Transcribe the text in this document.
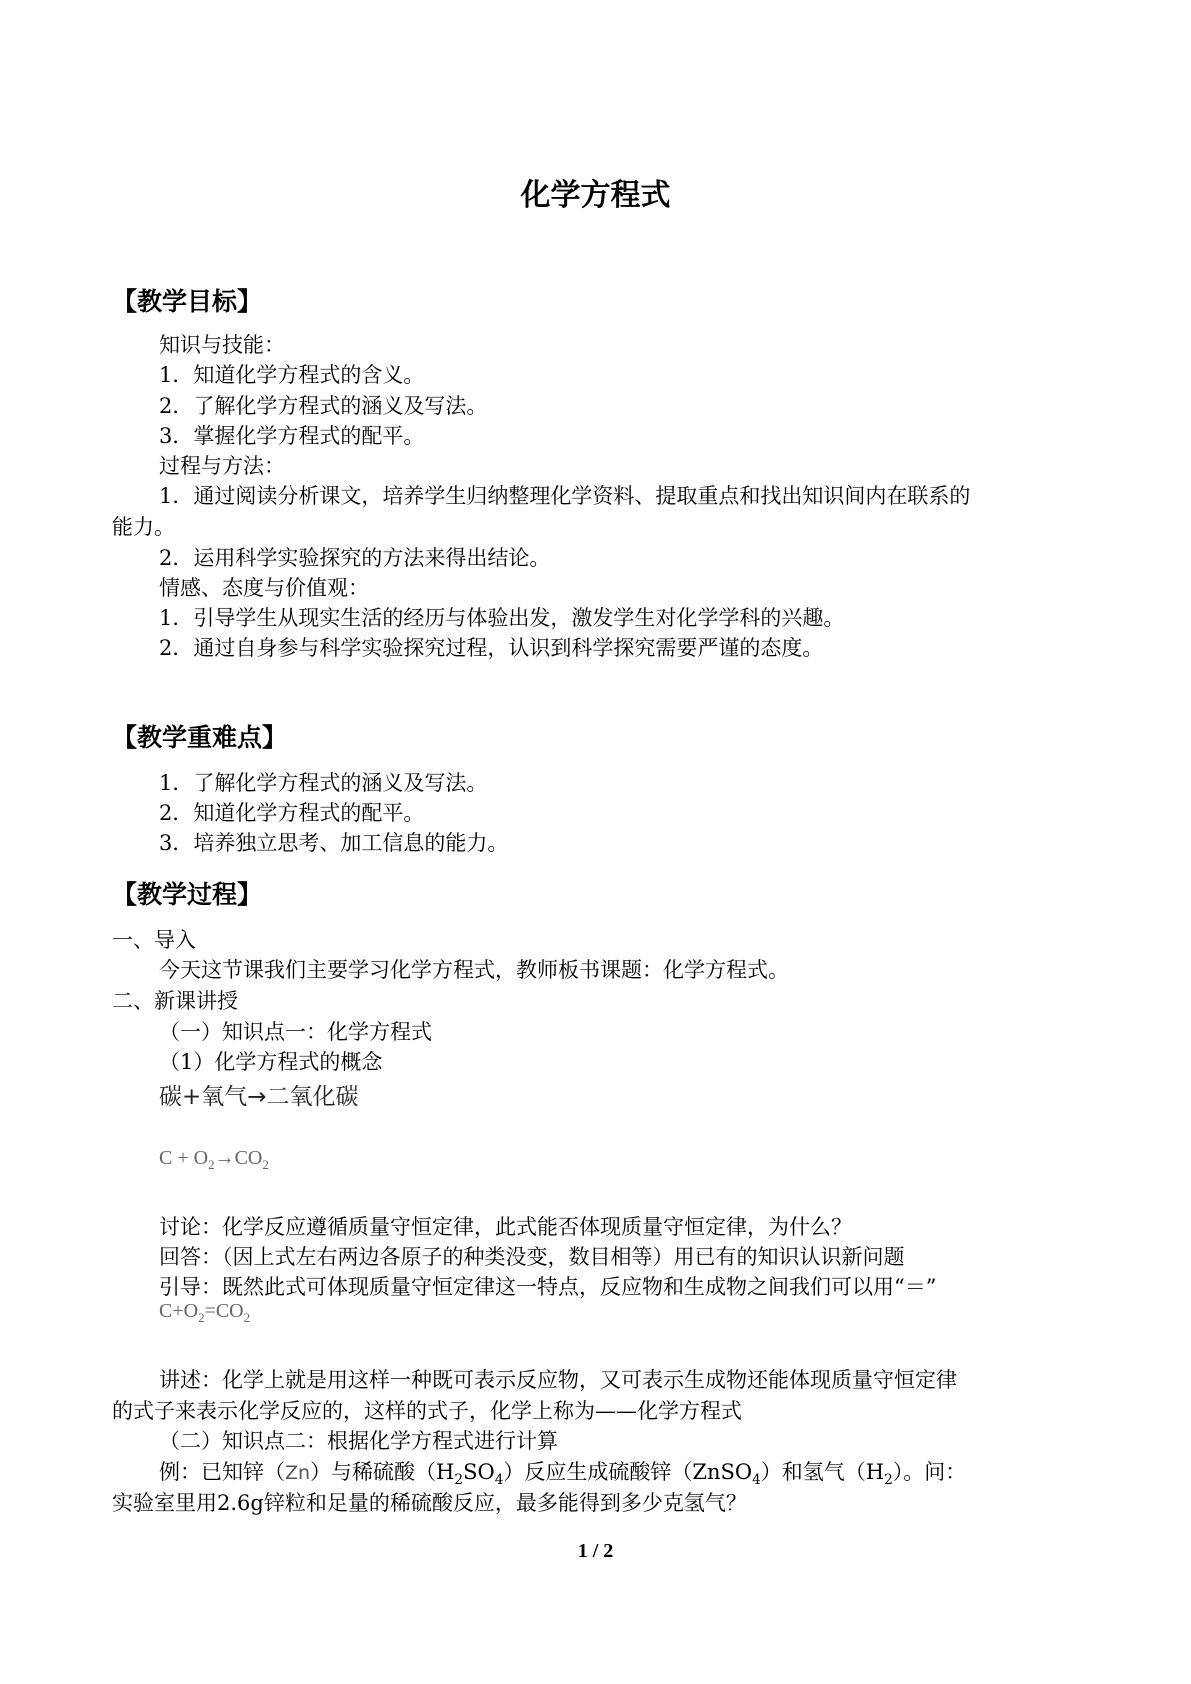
化学方程式
【教学目标】
知识与技能：
1．知道化学方程式的含义。
2．了解化学方程式的涵义及写法。
3．掌握化学方程式的配平。
过程与方法：
1．通过阅读分析课文，培养学生归纳整理化学资料、提取重点和找出知识间内在联系的
能力。
2．运用科学实验探究的方法来得出结论。
情感、态度与价值观：
1．引导学生从现实生活的经历与体验出发，激发学生对化学学科的兴趣。
2．通过自身参与科学实验探究过程，认识到科学探究需要严谨的态度。
【教学重难点】
1．了解化学方程式的涵义及写法。
2．知道化学方程式的配平。
3．培养独立思考、加工信息的能力。
【教学过程】
一、导入
今天这节课我们主要学习化学方程式，教师板书课题：化学方程式。
二、新课讲授
（一）知识点一：化学方程式
（1）化学方程式的概念
碳+氧气→二氧化碳
$C + O_2\to CO_2$
讨论：化学反应遵循质量守恒定律，此式能否体现质量守恒定律，为什么？
回答：（因上式左右两边各原子的种类没变，数目相等）用已有的知识认识新问题
引导：既然此式可体现质量守恒定律这一特点，反应物和生成物之间我们可以用“＝”
$C+O_2=CO_2$
讲述：化学上就是用这样一种既可表示反应物，又可表示生成物还能体现质量守恒定律
的式子来表示化学反应的，这样的式子，化学上称为——化学方程式
（二）知识点二：根据化学方程式进行计算
例：已知锌（Zn）与稀硫酸$(H_2SO_4)$反应生成硫酸锌（ZnSO$_4$）和氢气$(H_2)$。问：
实验室里用2.6g锌粒和足量的稀硫酸反应，最多能得到多少克氢气？
1 / 2
